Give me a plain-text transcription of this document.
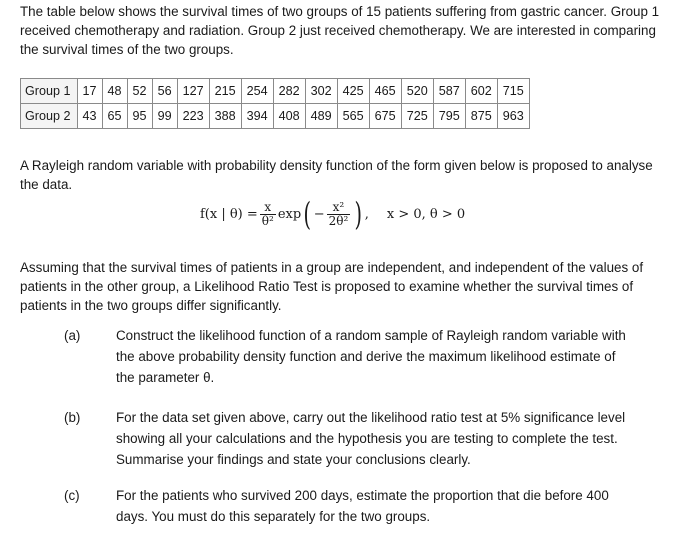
The table below shows the survival times of two groups of 15 patients suffering from gastric cancer. Group 1 received chemotherapy and radiation. Group 2 just received chemotherapy. We are interested in comparing the survival times of the two groups.

Group 1	17	48	52	56	127	215	254	282	302	425	465	520	587	602	715
Group 2	43	65	95	99	223	388	394	408	489	565	675	725	795	875	963

A Rayleigh random variable with probability density function of the form given below is proposed to analyse the data.

f(x | $\theta) = \frac{x}{\text{θ²}}$ exp ( − $\frac{\text{x²}}{\text{2θ²}}$ ) , x > 0, θ > 0

Assuming that the survival times of patients in a group are independent, and independent of the values of patients in the other group, a Likelihood Ratio Test is proposed to examine whether the survival times of patients in the two groups differ significantly.

(a)	Construct the likelihood function of a random sample of Rayleigh random variable with the above probability density function and derive the maximum likelihood estimate of the parameter θ.

(b)	For the data set given above, carry out the likelihood ratio test at 5% significance level showing all your calculations and the hypothesis you are testing to complete the test. Summarise your findings and state your conclusions clearly.

(c)	For the patients who survived 200 days, estimate the proportion that die before 400 days. You must do this separately for the two groups.
